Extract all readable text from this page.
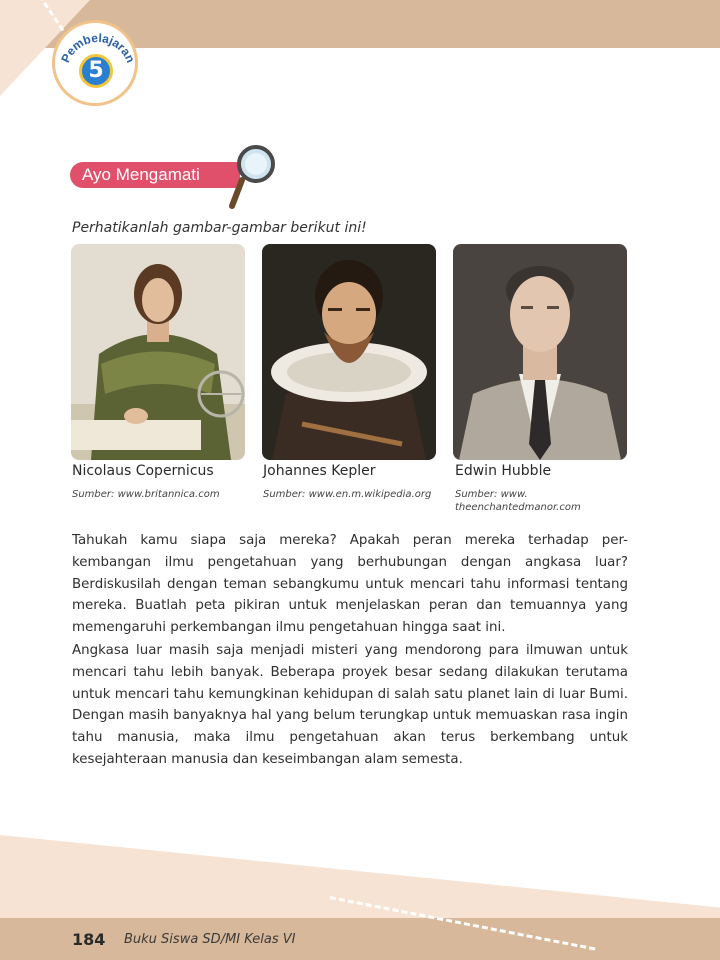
Pembelajaran
5
Ayo Mengamati
Perhatikanlah gambar-gambar berikut ini!
Nicolaus Copernicus	Johannes Kepler	Edwin Hubble
Sumber: www.britannica.com	Sumber: www.en.m.wikipedia.org Sumber: www.
theenchantedmanor.com

Tahukah kamu siapa saja mereka? Apakah peran mereka terhadap per-kembangan ilmu pengetahuan yang berhubungan dengan angkasa luar? Berdiskusilah dengan teman sebangkumu untuk mencari tahu informasi tentang mereka. Buatlah peta pikiran untuk menjelaskan peran dan temuannya yang memengaruhi perkembangan ilmu pengetahuan hingga saat ini.

Angkasa luar masih saja menjadi misteri yang mendorong para ilmuwan untuk mencari tahu lebih banyak. Beberapa proyek besar sedang dilakukan terutama untuk mencari tahu kemungkinan kehidupan di salah satu planet lain di luar Bumi. Dengan masih banyaknya hal yang belum terungkap untuk memuaskan rasa ingin tahu manusia, maka ilmu pengetahuan akan terus berkembang untuk kesejahteraan manusia dan keseimbangan alam semesta.

184 Buku Siswa SD/MI Kelas VI
